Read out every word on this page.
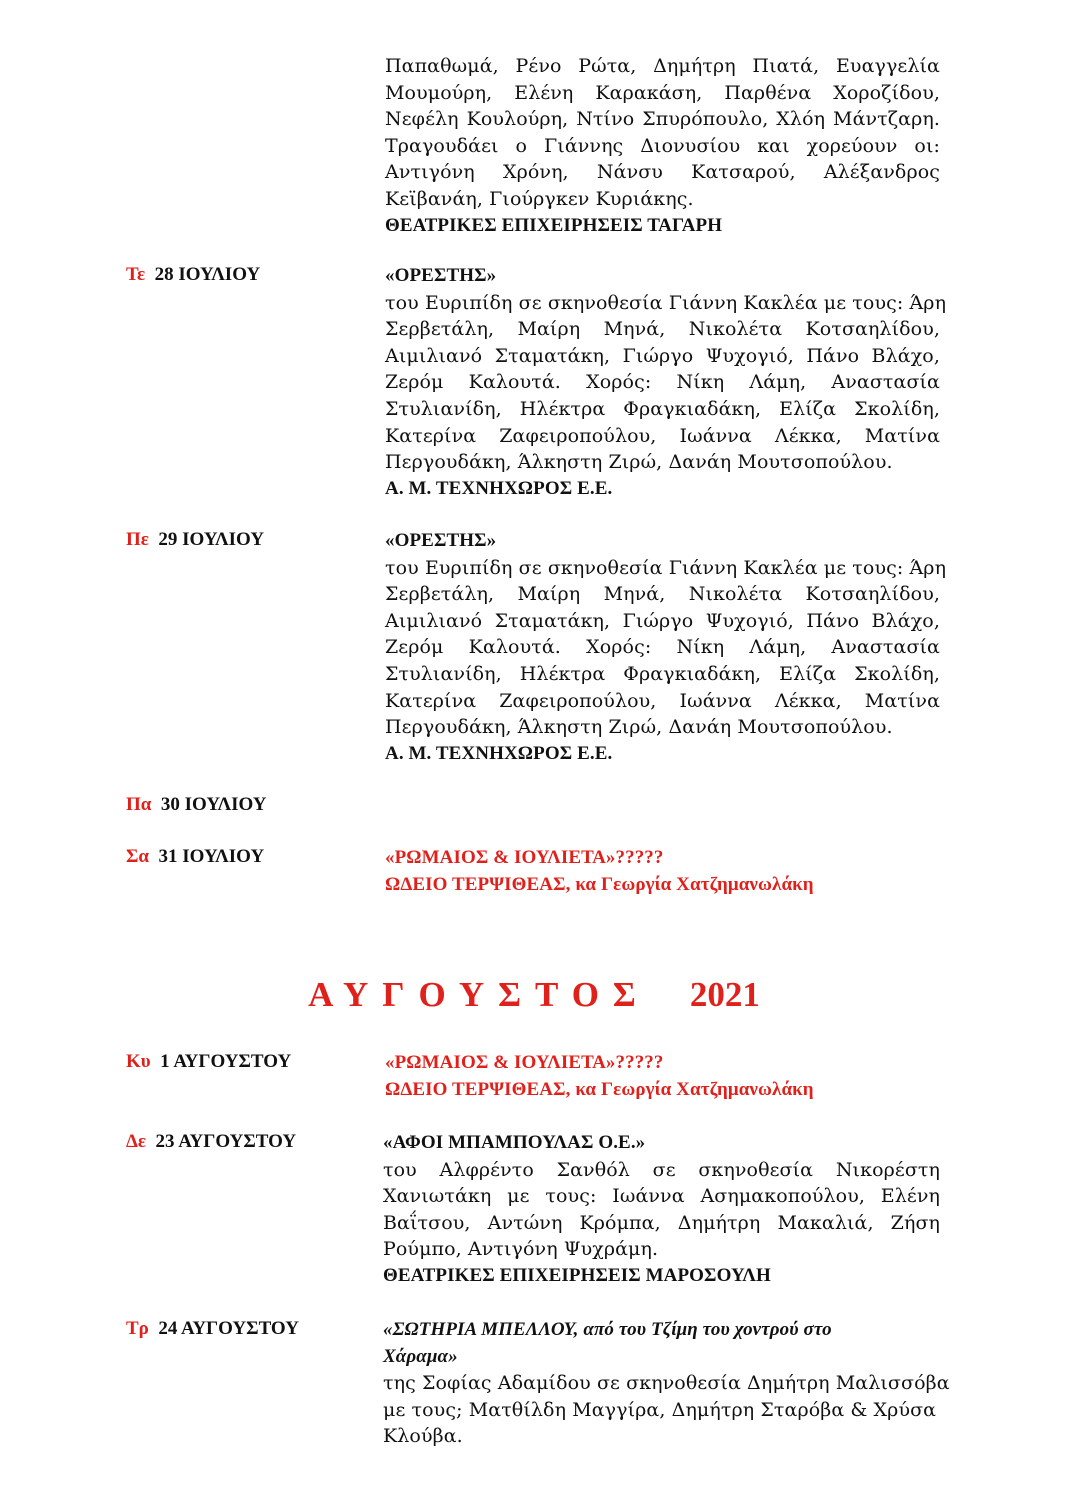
Παπαθωμά, Ρένο Ρώτα, Δημήτρη Πιατά, Ευαγγελία
Μουμούρη, Ελένη Καρακάση, Παρθένα Χοροζίδου,
Νεφέλη Κουλούρη, Ντίνο Σπυρόπουλο, Χλόη Μάντζαρη.
Τραγουδάει ο Γιάννης Διονυσίου και χορεύουν οι:
Αντιγόνη Χρόνη, Νάνσυ Κατσαρού, Αλέξανδρος
Κεϊβανάη, Γιούργκεν Κυριάκης.
ΘΕΑΤΡΙΚΕΣ ΕΠΙΧΕΙΡΗΣΕΙΣ ΤΑΓΑΡΗ
Τε 28 ΙΟΥΛΙΟΥ	«ΟΡΕΣΤΗΣ»
του Ευριπίδη σε σκηνοθεσία Γιάννη Κακλέα με τους: Άρη
Σερβετάλη, Μαίρη Μηνά, Νικολέτα Κοτσαηλίδου,
Αιμιλιανό Σταματάκη, Γιώργο Ψυχογιό, Πάνο Βλάχο,
Ζερόμ Καλουτά. Χορός: Νίκη Λάμη, Αναστασία
Στυλιανίδη, Ηλέκτρα Φραγκιαδάκη, Ελίζα Σκολίδη,
Κατερίνα Ζαφειροπούλου, Ιωάννα Λέκκα, Ματίνα
Περγουδάκη, Άλκηστη Ζιρώ, Δανάη Μουτσοπούλου.
Α. Μ. ΤΕΧΝΗΧΩΡΟΣ Ε.Ε.
Πε 29 ΙΟΥΛΙΟΥ	«ΟΡΕΣΤΗΣ»
του Ευριπίδη σε σκηνοθεσία Γιάννη Κακλέα με τους: Άρη
Σερβετάλη, Μαίρη Μηνά, Νικολέτα Κοτσαηλίδου,
Αιμιλιανό Σταματάκη, Γιώργο Ψυχογιό, Πάνο Βλάχο,
Ζερόμ Καλουτά. Χορός: Νίκη Λάμη, Αναστασία
Στυλιανίδη, Ηλέκτρα Φραγκιαδάκη, Ελίζα Σκολίδη,
Κατερίνα Ζαφειροπούλου, Ιωάννα Λέκκα, Ματίνα
Περγουδάκη, Άλκηστη Ζιρώ, Δανάη Μουτσοπούλου.
Α. Μ. ΤΕΧΝΗΧΩΡΟΣ Ε.Ε.
Πα 30 ΙΟΥΛΙΟΥ
Σα 31 ΙΟΥΛΙΟΥ	«ΡΩΜΑΙΟΣ & ΙΟΥΛΙΕΤΑ»?????
ΩΔΕΙΟ ΤΕΡΨΙΘΕΑΣ, κα Γεωργία Χατζημανωλάκη
ΑΥΓΟΥΣΤΟΣ 2021
Κυ 1 ΑΥΓΟΥΣΤΟΥ	«ΡΩΜΑΙΟΣ & ΙΟΥΛΙΕΤΑ»?????
ΩΔΕΙΟ ΤΕΡΨΙΘΕΑΣ, κα Γεωργία Χατζημανωλάκη
Δε 23 ΑΥΓΟΥΣΤΟΥ	«ΑΦΟΙ ΜΠΑΜΠΟΥΛΑΣ Ο.Ε.»
του Αλφρέντο Σανθόλ σε σκηνοθεσία Νικορέστη
Χανιωτάκη με τους: Ιωάννα Ασημακοπούλου, Ελένη
Βαΐτσου, Αντώνη Κρόμπα, Δημήτρη Μακαλιά, Ζήση
Ρούμπο, Αντιγόνη Ψυχράμη.
ΘΕΑΤΡΙΚΕΣ ΕΠΙΧΕΙΡΗΣΕΙΣ ΜΑΡΟΣΟΥΛΗ
Τρ 24 ΑΥΓΟΥΣΤΟΥ	«ΣΩΤΗΡΙΑ ΜΠΕΛΛΟΥ, από του Τζίμη του χοντρού στο
Χάραμα»
της Σοφίας Αδαμίδου σε σκηνοθεσία Δημήτρη Μαλισσόβα
με τους; Ματθίλδη Μαγγίρα, Δημήτρη Σταρόβα & Χρύσα
Κλούβα.
